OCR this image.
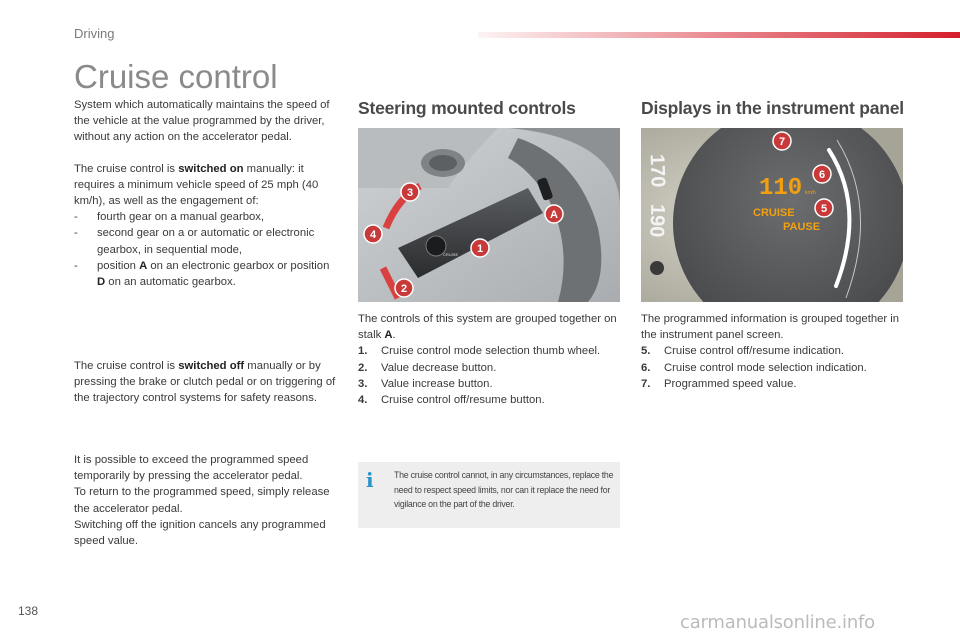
Driving
Cruise control

System which automatically maintains the speed of the vehicle at the value programmed by the driver, without any action on the accelerator pedal.

The cruise control is switched on manually: it requires a minimum vehicle speed of 25 mph (40 km/h), as well as the engagement of:

- fourth gear on a manual gearbox,
- second gear on a or automatic or electronic gearbox, in sequential mode,
- position A on an electronic gearbox or position D on an automatic gearbox.

The cruise control is switched off manually or by pressing the brake or clutch pedal or on triggering of the trajectory control systems for safety reasons.

It is possible to exceed the programmed speed temporarily by pressing the accelerator pedal.

To return to the programmed speed, simply release the accelerator pedal.

Switching off the ignition cancels any programmed speed value.

Steering mounted controls
3
4
2
1
A
CRUISE

The controls of this system are grouped together on stalk A.

1. Cruise control mode selection thumb wheel.
2. Value decrease button.
3. Value increase button.
4. Cruise control off/resume button.
i The cruise control cannot, in any circumstances, replace the need to respect speed limits, nor can it replace the need for vigilance on the part of the driver.
Displays in the instrument panel
170
190
110 km/h
CRUISE
PAUSE
7
6
5

The programmed information is grouped together in the instrument panel screen.

5. Cruise control off/resume indication.
6. Cruise control mode selection indication.
7. Programmed speed value.
138
carmanualsonline.info
